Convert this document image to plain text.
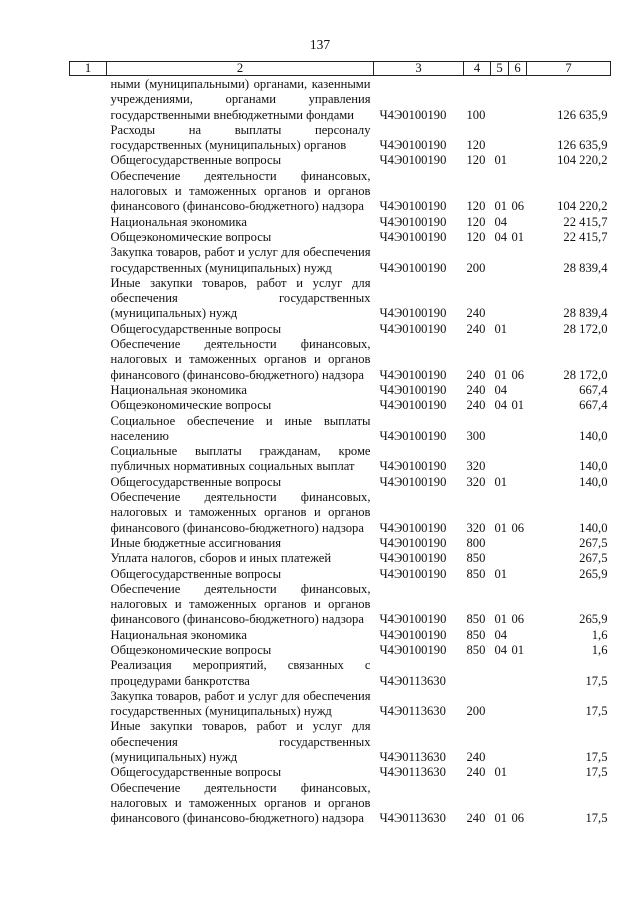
137
1	2	3	4	5	6	7
	ными (муниципальными) органами, казенными учреждениями, органами управления государственными внебюджетными фондами	Ч4Э0100190	100			126 635,9
	Расходы на выплаты персоналу государственных (муниципальных) органов	Ч4Э0100190	120			126 635,9
	Общегосударственные вопросы	Ч4Э0100190	120	01		104 220,2
	Обеспечение деятельности финансовых, налоговых и таможенных органов и органов финансового (финансово-бюджетного) надзора	Ч4Э0100190	120	01	06	104 220,2
	Национальная экономика	Ч4Э0100190	120	04		22 415,7
	Общеэкономические вопросы	Ч4Э0100190	120	04	01	22 415,7
	Закупка товаров, работ и услуг для обеспечения государственных (муниципальных) нужд	Ч4Э0100190	200			28 839,4
	Иные закупки товаров, работ и услуг для обеспечения государственных (муниципальных) нужд	Ч4Э0100190	240			28 839,4
	Общегосударственные вопросы	Ч4Э0100190	240	01		28 172,0
	Обеспечение деятельности финансовых, налоговых и таможенных органов и органов финансового (финансово-бюджетного) надзора	Ч4Э0100190	240	01	06	28 172,0
	Национальная экономика	Ч4Э0100190	240	04		667,4
	Общеэкономические вопросы	Ч4Э0100190	240	04	01	667,4
	Социальное обеспечение и иные выплаты населению	Ч4Э0100190	300			140,0
	Социальные выплаты гражданам, кроме публичных нормативных социальных выплат	Ч4Э0100190	320			140,0
	Общегосударственные вопросы	Ч4Э0100190	320	01		140,0
	Обеспечение деятельности финансовых, налоговых и таможенных органов и органов финансового (финансово-бюджетного) надзора	Ч4Э0100190	320	01	06	140,0
	Иные бюджетные ассигнования	Ч4Э0100190	800			267,5
	Уплата налогов, сборов и иных платежей	Ч4Э0100190	850			267,5
	Общегосударственные вопросы	Ч4Э0100190	850	01		265,9
	Обеспечение деятельности финансовых, налоговых и таможенных органов и органов финансового (финансово-бюджетного) надзора	Ч4Э0100190	850	01	06	265,9
	Национальная экономика	Ч4Э0100190	850	04		1,6
	Общеэкономические вопросы	Ч4Э0100190	850	04	01	1,6
	Реализация мероприятий, связанных с процедурами банкротства	Ч4Э0113630				17,5
	Закупка товаров, работ и услуг для обеспечения государственных (муниципальных) нужд	Ч4Э0113630	200			17,5
	Иные закупки товаров, работ и услуг для обеспечения государственных (муниципальных) нужд	Ч4Э0113630	240			17,5
	Общегосударственные вопросы	Ч4Э0113630	240	01		17,5
	Обеспечение деятельности финансовых, налоговых и таможенных органов и органов финансового (финансово-бюджетного) надзора	Ч4Э0113630	240	01	06	17,5
